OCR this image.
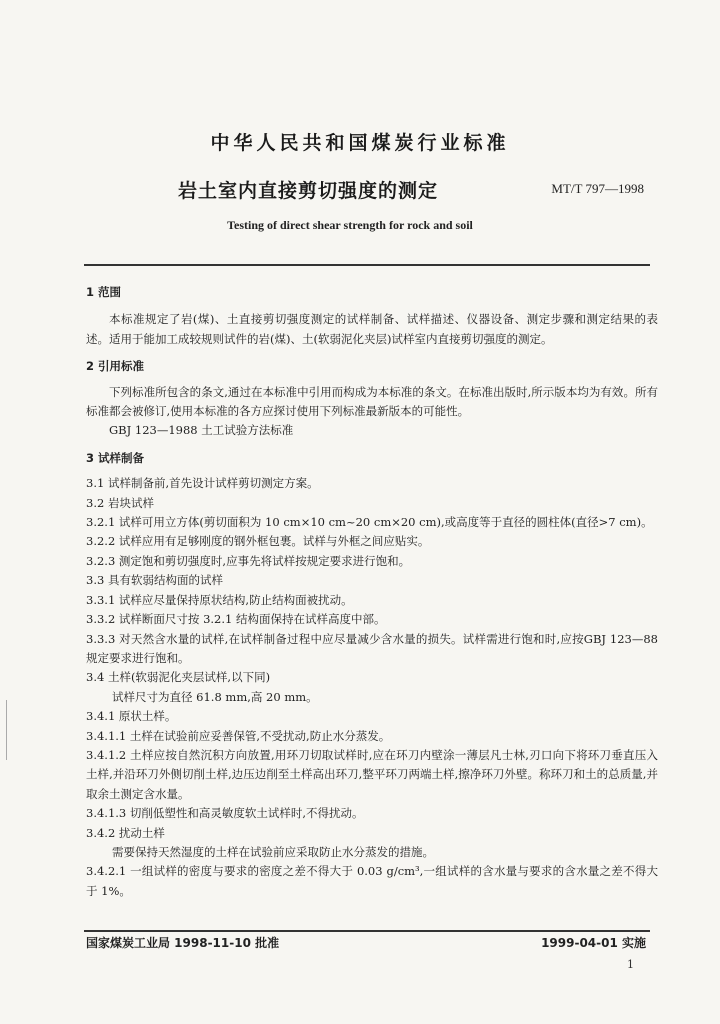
中华人民共和国煤炭行业标准
岩土室内直接剪切强度的测定	MT/T 797—1998
Testing of direct shear strength for rock and soil

1 范围

本标准规定了岩(煤)、土直接剪切强度测定的试样制备、试样描述、仪器设备、测定步骤和测定结果的表述。适用于能加工成较规则试件的岩(煤)、土(软弱泥化夹层)试样室内直接剪切强度的测定。

2 引用标准

下列标准所包含的条文,通过在本标准中引用而构成为本标准的条文。在标准出版时,所示版本均为有效。所有标准都会被修订,使用本标准的各方应探讨使用下列标准最新版本的可能性。

GBJ 123—1988 土工试验方法标准

3 试样制备

3.1 试样制备前,首先设计试样剪切测定方案。

3.2 岩块试样

3.2.1 试样可用立方体(剪切面积为 10 cm×10 cm~20 cm×20 cm),或高度等于直径的圆柱体(直径>7 cm)。

3.2.2 试样应用有足够刚度的钢外框包裹。试样与外框之间应贴实。

3.2.3 测定饱和剪切强度时,应事先将试样按规定要求进行饱和。

3.3 具有软弱结构面的试样

3.3.1 试样应尽量保持原状结构,防止结构面被扰动。

3.3.2 试样断面尺寸按 3.2.1 结构面保持在试样高度中部。

3.3.3 对天然含水量的试样,在试样制备过程中应尽量减少含水量的损失。试样需进行饱和时,应按GBJ 123—88 规定要求进行饱和。

3.4 土样(软弱泥化夹层试样,以下同)

试样尺寸为直径 61.8 mm,高 20 mm。

3.4.1 原状土样。

3.4.1.1 土样在试验前应妥善保管,不受扰动,防止水分蒸发。

3.4.1.2 土样应按自然沉积方向放置,用环刀切取试样时,应在环刀内壁涂一薄层凡士林,刃口向下将环刀垂直压入土样,并沿环刀外侧切削土样,边压边削至土样高出环刀,整平环刀两端土样,擦净环刀外壁。称环刀和土的总质量,并取余土测定含水量。

3.4.1.3 切削低塑性和高灵敏度软土试样时,不得扰动。

3.4.2 扰动土样

需要保持天然湿度的土样在试验前应采取防止水分蒸发的措施。

3.4.2.1 一组试样的密度与要求的密度之差不得大于 0.03 g/cm³,一组试样的含水量与要求的含水量之差不得大于 1%。

国家煤炭工业局 1998-11-10 批准	1999-04-01 实施
1
